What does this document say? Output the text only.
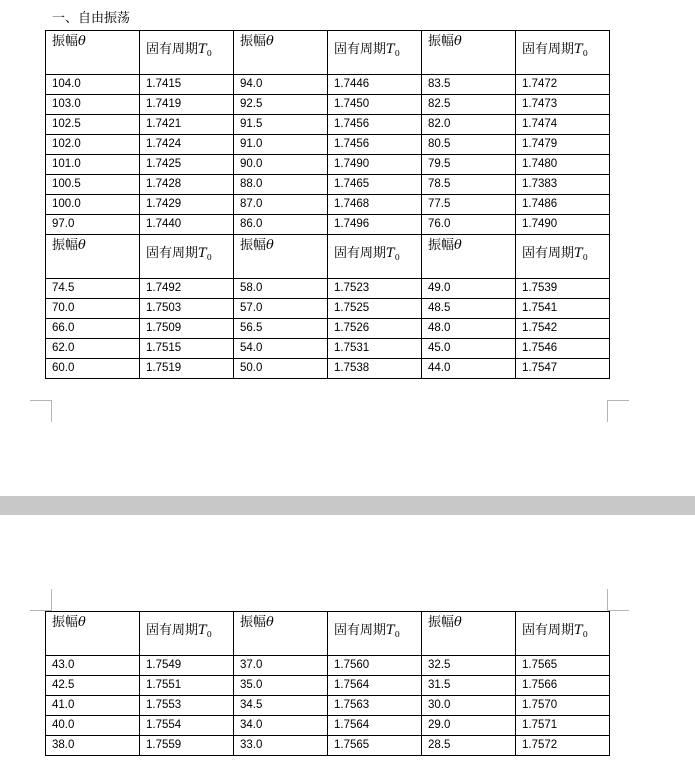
一、自由振荡
振幅θ	固有周期$T_0$	振幅θ	固有周期$T_0$	振幅θ	固有周期$T_0$

104.0	1.7415	94.0	1.7446	83.5	1.7472
103.0	1.7419	92.5	1.7450	82.5	1.7473
102.5	1.7421	91.5	1.7456	82.0	1.7474
102.0	1.7424	91.0	1.7456	80.5	1.7479
101.0	1.7425	90.0	1.7490	79.5	1.7480
100.5	1.7428	88.0	1.7465	78.5	1.7383
100.0	1.7429	87.0	1.7468	77.5	1.7486
97.0	1.7440	86.0	1.7496	76.0	1.7490

振幅θ	固有周期$T_0$	振幅θ	固有周期$T_0$	振幅θ	固有周期$T_0$

74.5	1.7492	58.0	1.7523	49.0	1.7539
70.0	1.7503	57.0	1.7525	48.5	1.7541
66.0	1.7509	56.5	1.7526	48.0	1.7542
62.0	1.7515	54.0	1.7531	45.0	1.7546
60.0	1.7519	50.0	1.7538	44.0	1.7547
振幅θ	固有周期$T_0$	振幅θ	固有周期$T_0$	振幅θ	固有周期$T_0$

43.0	1.7549	37.0	1.7560	32.5	1.7565
42.5	1.7551	35.0	1.7564	31.5	1.7566
41.0	1.7553	34.5	1.7563	30.0	1.7570
40.0	1.7554	34.0	1.7564	29.0	1.7571
38.0	1.7559	33.0	1.7565	28.5	1.7572
